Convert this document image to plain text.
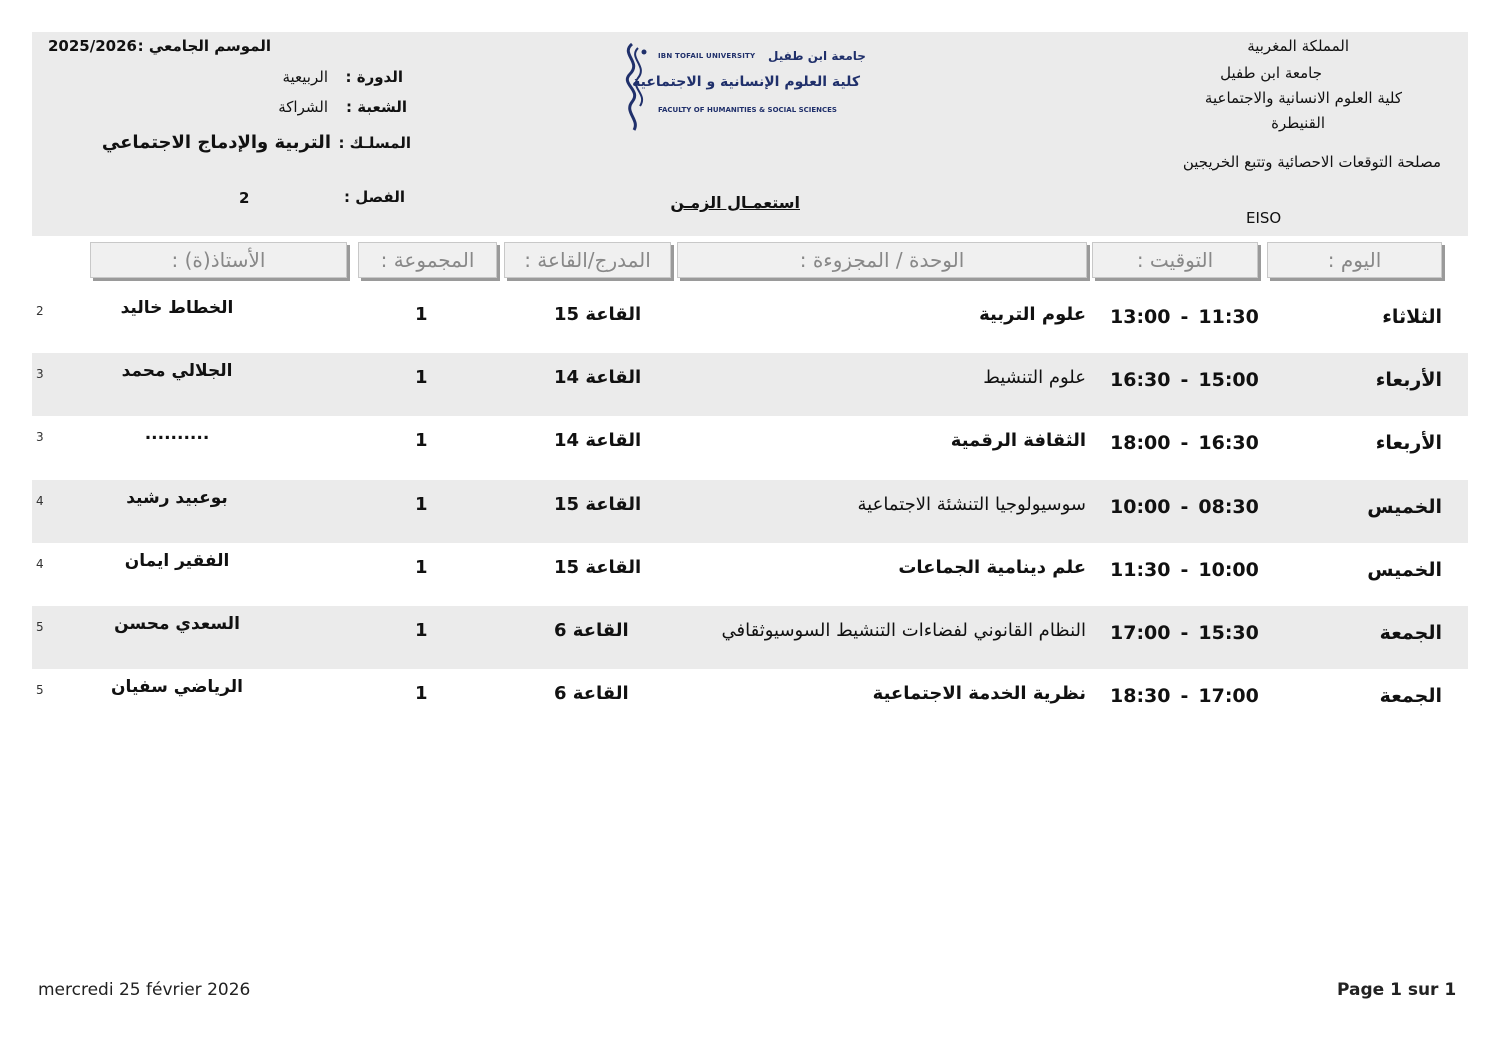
المملكة المغربية
جامعة ابن طفيل
كلية العلوم الانسانية والاجتماعية
القنيطرة
مصلحة التوقعات الاحصائية وتتبع الخريجين
EISO
IBN TOFAIL UNIVERSITY جامعة ابن طفيل
كلية العلوم الإنسانية و الاجتماعية
FACULTY OF HUMANITIES & SOCIAL SCIENCES
الموسم الجامعي :
2025/2026
الدورة :
الربيعية
الشعبة :
الشراكة
المسلـك :
التربية والإدماج الاجتماعي
الفصل :
2	استعمـال الزمـن
اليوم :
التوقيت :
الوحدة / المجزوءة :
المدرج/القاعة :
المجموعة :
الأستاذ(ة) :
الثلاثاء
13:00 - 11:30
علوم التربية
القاعة 15
1
الخطاط خاليد
2
الأربعاء
16:30 - 15:00
علوم التنشيط
القاعة 14
1
الجلالي محمد
3
الأربعاء
18:00 - 16:30
الثقافة الرقمية
القاعة 14
1
..........
3
الخميس
10:00 - 08:30
سوسيولوجيا التنشئة الاجتماعية
القاعة 15
1
بوعبيد رشيد
4
الخميس
11:30 - 10:00
علم دينامية الجماعات
القاعة 15
1
الفقير ايمان
4
الجمعة
17:00 - 15:30
النظام القانوني لفضاءات التنشيط السوسيوثقافي
القاعة 6
1
السعدي محسن
5
الجمعة
18:30 - 17:00
نظرية الخدمة الاجتماعية
القاعة 6
1
الرياضي سفيان
5
mercredi 25 février 2026	Page 1 sur 1
